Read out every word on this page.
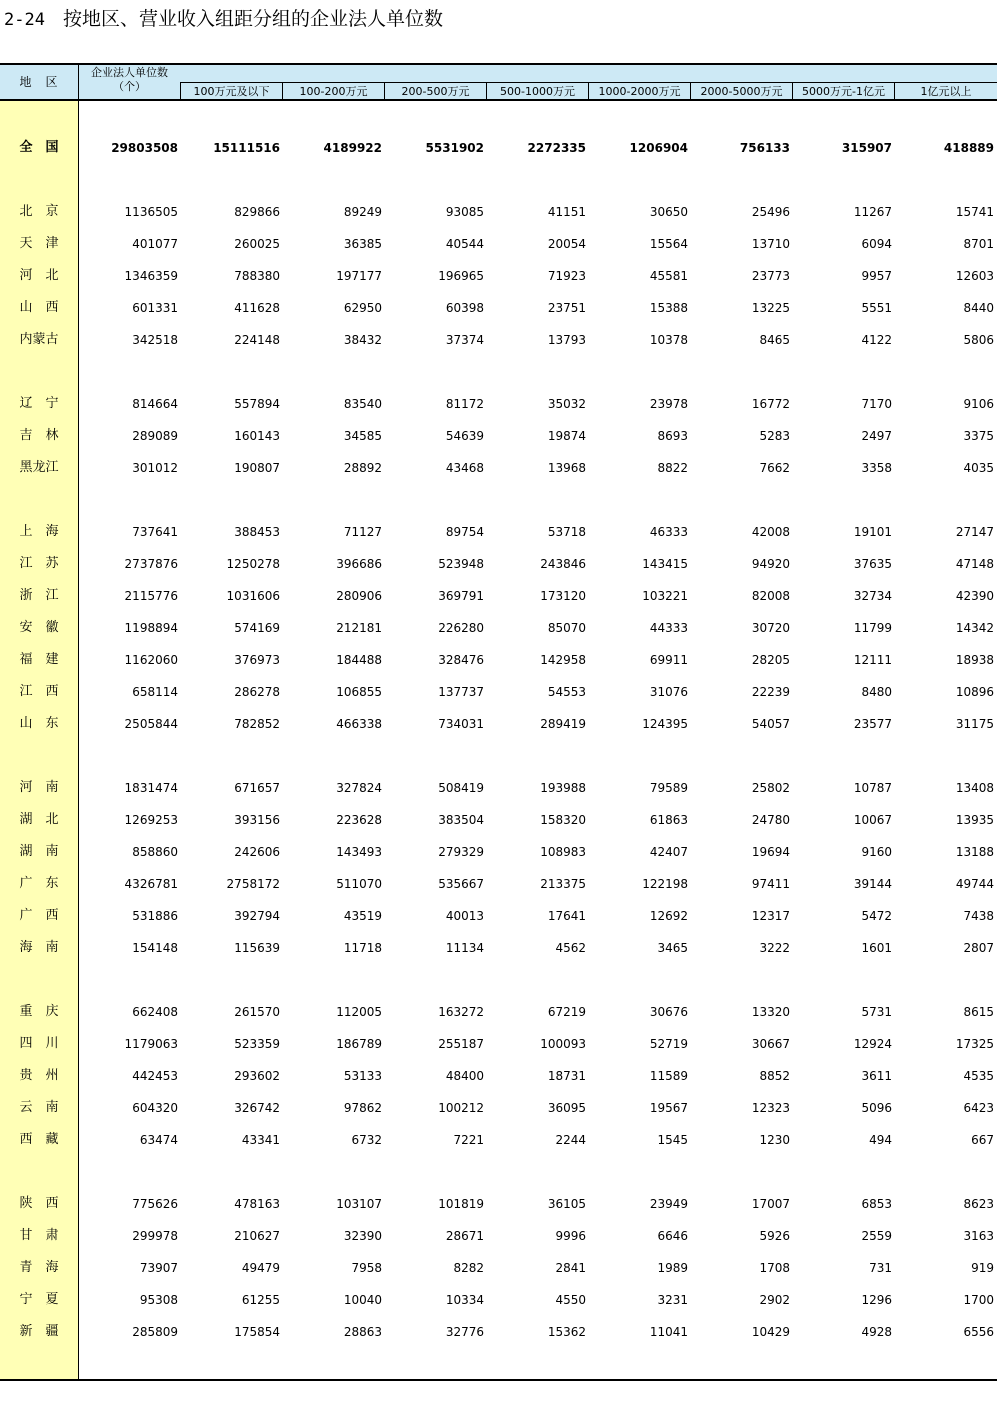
2-24 按地区、营业收入组距分组的企业法人单位数
地　区
企业法人单位数
（个）	100万元及以下	100-200万元	200-500万元	500-1000万元	1000-2000万元	2000-5000万元	5000万元-1亿元	1亿元以上
全　国	29803508	15111516	4189922	5531902	2272335	1206904	756133	315907	418889
北　京	1136505	829866	89249	93085	41151	30650	25496	11267	15741
天　津	401077	260025	36385	40544	20054	15564	13710	6094	8701
河　北	1346359	788380	197177	196965	71923	45581	23773	9957	12603
山　西	601331	411628	62950	60398	23751	15388	13225	5551	8440
内蒙古	342518	224148	38432	37374	13793	10378	8465	4122	5806
辽　宁	814664	557894	83540	81172	35032	23978	16772	7170	9106
吉　林	289089	160143	34585	54639	19874	8693	5283	2497	3375
黑龙江	301012	190807	28892	43468	13968	8822	7662	3358	4035
上　海	737641	388453	71127	89754	53718	46333	42008	19101	27147
江　苏	2737876	1250278	396686	523948	243846	143415	94920	37635	47148
浙　江	2115776	1031606	280906	369791	173120	103221	82008	32734	42390
安　徽	1198894	574169	212181	226280	85070	44333	30720	11799	14342
福　建	1162060	376973	184488	328476	142958	69911	28205	12111	18938
江　西	658114	286278	106855	137737	54553	31076	22239	8480	10896
山　东	2505844	782852	466338	734031	289419	124395	54057	23577	31175
河　南	1831474	671657	327824	508419	193988	79589	25802	10787	13408
湖　北	1269253	393156	223628	383504	158320	61863	24780	10067	13935
湖　南	858860	242606	143493	279329	108983	42407	19694	9160	13188
广　东	4326781	2758172	511070	535667	213375	122198	97411	39144	49744
广　西	531886	392794	43519	40013	17641	12692	12317	5472	7438
海　南	154148	115639	11718	11134	4562	3465	3222	1601	2807
重　庆	662408	261570	112005	163272	67219	30676	13320	5731	8615
四　川	1179063	523359	186789	255187	100093	52719	30667	12924	17325
贵　州	442453	293602	53133	48400	18731	11589	8852	3611	4535
云　南	604320	326742	97862	100212	36095	19567	12323	5096	6423
西　藏	63474	43341	6732	7221	2244	1545	1230	494	667
陕　西	775626	478163	103107	101819	36105	23949	17007	6853	8623
甘　肃	299978	210627	32390	28671	9996	6646	5926	2559	3163
青　海	73907	49479	7958	8282	2841	1989	1708	731	919
宁　夏	95308	61255	10040	10334	4550	3231	2902	1296	1700
新　疆	285809	175854	28863	32776	15362	11041	10429	4928	6556
